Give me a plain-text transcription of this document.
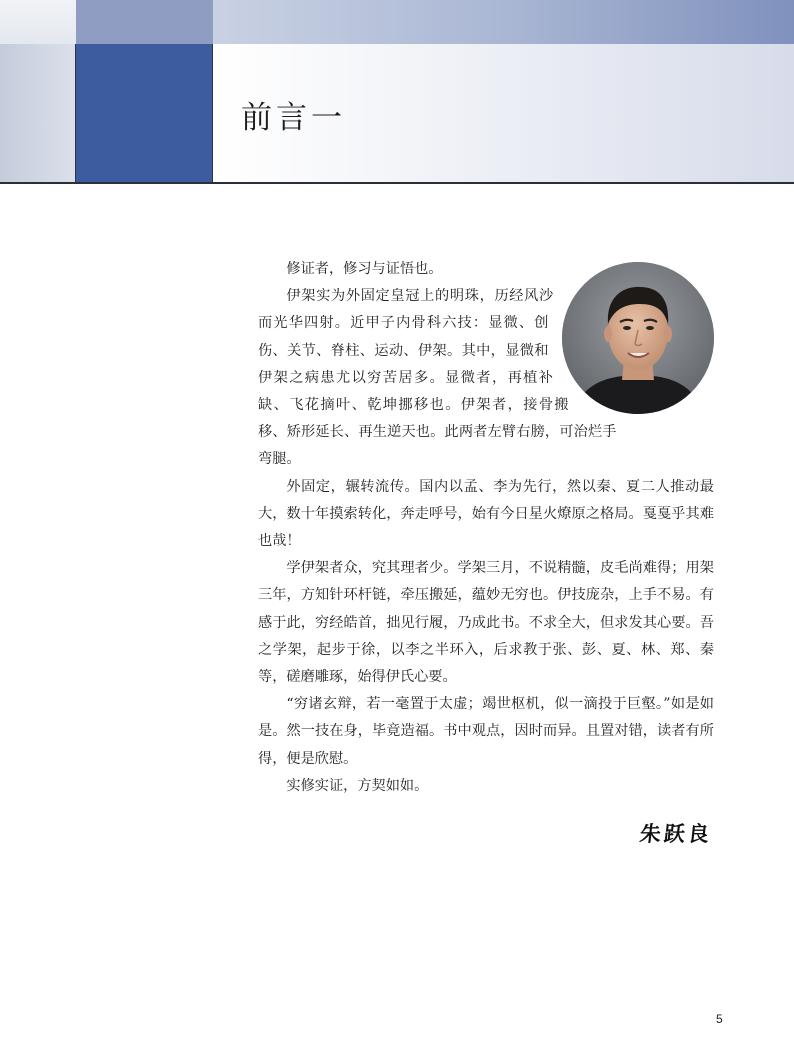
前言一

修证者，修习与证悟也。

伊架实为外固定皇冠上的明珠，历经风沙而光华四射。近甲子内骨科六技：显微、创伤、关节、脊柱、运动、伊架。其中，显微和伊架之病患尤以穷苦居多。显微者，再植补缺、飞花摘叶、乾坤挪移也。伊架者，接骨搬移、矫形延长、再生逆天也。此两者左臂右膀，可治烂手弯腿。

外固定，辗转流传。国内以孟、李为先行，然以秦、夏二人推动最大，数十年摸索转化，奔走呼号，始有今日星火燎原之格局。戛戛乎其难也哉！

学伊架者众，究其理者少。学架三月，不说精髓，皮毛尚难得；用架三年，方知针环杆链，牵压搬延，蕴妙无穷也。伊技庞杂，上手不易。有感于此，穷经皓首，拙见行履，乃成此书。不求全大，但求发其心要。吾之学架，起步于徐，以李之半环入，后求教于张、彭、夏、林、郑、秦等，磋磨雕琢，始得伊氏心要。

“穷诸玄辩，若一毫置于太虚；竭世枢机，似一滴投于巨壑。”如是如是。然一技在身，毕竟造福。书中观点，因时而异。且置对错，读者有所得，便是欣慰。

实修实证，方契如如。

朱跃良
5
